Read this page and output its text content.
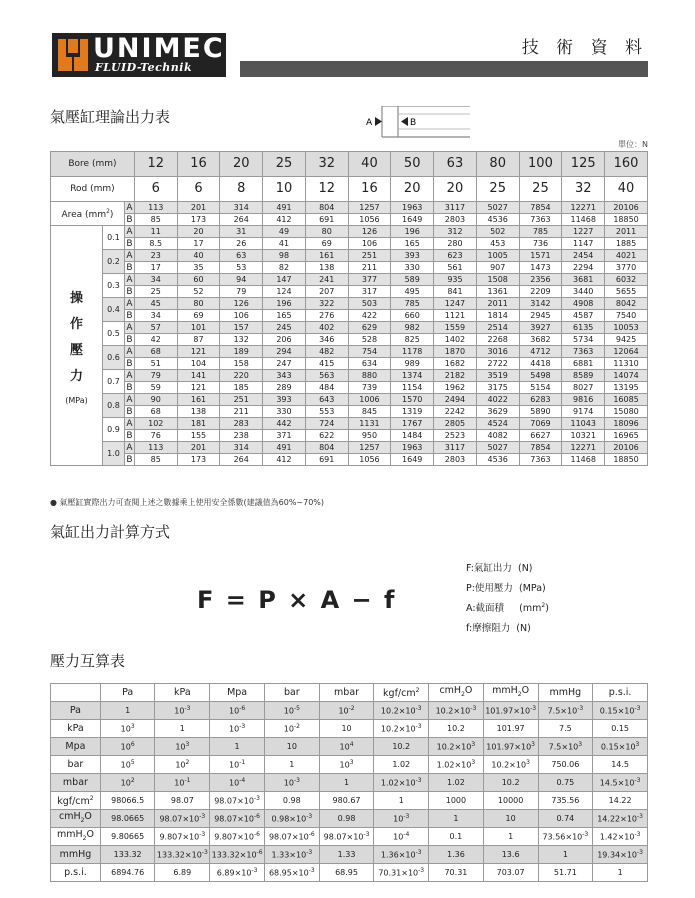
UNIMEC
FLUID-Technik
技 術 資 料
氣壓缸理論出力表	A	B
單位：N
Bore (mm)			12	16	20	25	32	40	50	63	80	100	125	160
Rod (mm)			6	6	8	10	12	16	20	20	25	25	32	40
Area $(mm^2)$		A	113	201	314	491	804	1257	1963	3117	5027	7854	12271	20106
		B	85	173	264	412	691	1056	1649	2803	4536	7363	11468	18850

操
作
壓
力
(MPa)	0.1	A	11	20	31	49	80	126	196	312	502	785	1227	2011
		B	8.5	17	26	41	69	106	165	280	453	736	1147	1885
	0.2	A	23	40	63	98	161	251	393	623	1005	1571	2454	4021
		B	17	35	53	82	138	211	330	561	907	1473	2294	3770
	0.3	A	34	60	94	147	241	377	589	935	1508	2356	3681	6032
		B	25	52	79	124	207	317	495	841	1361	2209	3440	5655
	0.4	A	45	80	126	196	322	503	785	1247	2011	3142	4908	8042
		B	34	69	106	165	276	422	660	1121	1814	2945	4587	7540
	0.5	A	57	101	157	245	402	629	982	1559	2514	3927	6135	10053
		B	42	87	132	206	346	528	825	1402	2268	3682	5734	9425
	0.6	A	68	121	189	294	482	754	1178	1870	3016	4712	7363	12064
		B	51	104	158	247	415	634	989	1682	2722	4418	6881	11310
	0.7	A	79	141	220	343	563	880	1374	2182	3519	5498	8589	14074
		B	59	121	185	289	484	739	1154	1962	3175	5154	8027	13195
	0.8	A	90	161	251	393	643	1006	1570	2494	4022	6283	9816	16085
		B	68	138	211	330	553	845	1319	2242	3629	5890	9174	15080
	0.9	A	102	181	283	442	724	1131	1767	2805	4524	7069	11043	18096
		B	76	155	238	371	622	950	1484	2523	4082	6627	10321	16965
	1.0	A	113	201	314	491	804	1257	1963	3117	5027	7854	12271	20106
		B	85	173	264	412	691	1056	1649	2803	4536	7363	11468	18850
● 氣壓缸實際出力可查閱上述之數據乘上使用安全係數(建議值為60%~70%)
氣缸出力計算方式
F = P × A − f
F:氣缸出力 (N)
P:使用壓力 (MPa)
A:截面積 $(mm^2)$
f:摩擦阻力 (N)
壓力互算表
	Pa	kPa	Mpa	bar	mbar	kgf/$cm^2$	cmH$_2$O	mmH$_2$O	mmHg	p.s.i.
Pa	1	$10^{-3}$	$10^{-6}$	$10^{-5}$	$10^{-2}$	$10.2\times 10^{-3}$	$10.2\times 10^{-3}$	$101.97\times 10^{-3}$	$7.5\times 10^{-3}$	$0.15\times 10^{-3}$
kPa	$10^3$	1	$10^{-3}$	$10^{-2}$	10	$10.2\times 10^{-3}$	10.2	101.97	7.5	0.15
Mpa	$10^6$	$10^3$	1	10	$10^4$	10.2	$10.2\times 10^3$	$101.97\times 10^3$	$7.5\times 10^3$	$0.15\times 10^3$
bar	$10^5$	$10^2$	$10^{-1}$	1	$10^3$	1.02	$1.02\times 10^3$	$10.2\times 10^3$	750.06	14.5
mbar	$10^2$	$10^{-1}$	$10^{-4}$	$10^{-3}$	1	$1.02\times 10^{-3}$	1.02	10.2	0.75	$14.5\times 10^{-3}$
kgf/$cm^2$	98066.5	98.07	$98.07\times 10^{-3}$	0.98	980.67	1	1000	10000	735.56	14.22
cmH$_2$O	98.0665	$98.07\times 10^{-3}$	$98.07\times 10^{-6}$	$0.98\times 10^{-3}$	0.98	$10^{-3}$	1	10	0.74	$14.22\times 10^{-3}$
mmH$_2$O	9.80665	$9.807\times 10^{-3}$	$9.807\times 10^{-6}$	$98.07\times 10^{-6}$	$98.07\times 10^{-3}$	$10^{-4}$	0.1	1	$73.56\times 10^{-3}$	$1.42\times 10^{-3}$
mmHg	133.32	$133.32\times 10^{-3}$	$133.32\times 10^{-6}$	$1.33\times 10^{-3}$	1.33	$1.36\times 10^{-3}$	1.36	13.6	1	$19.34\times 10^{-3}$
p.s.i.	6894.76	6.89	$6.89\times 10^{-3}$	$68.95\times 10^{-3}$	68.95	$70.31\times 10^{-3}$	70.31	703.07	51.71	1
